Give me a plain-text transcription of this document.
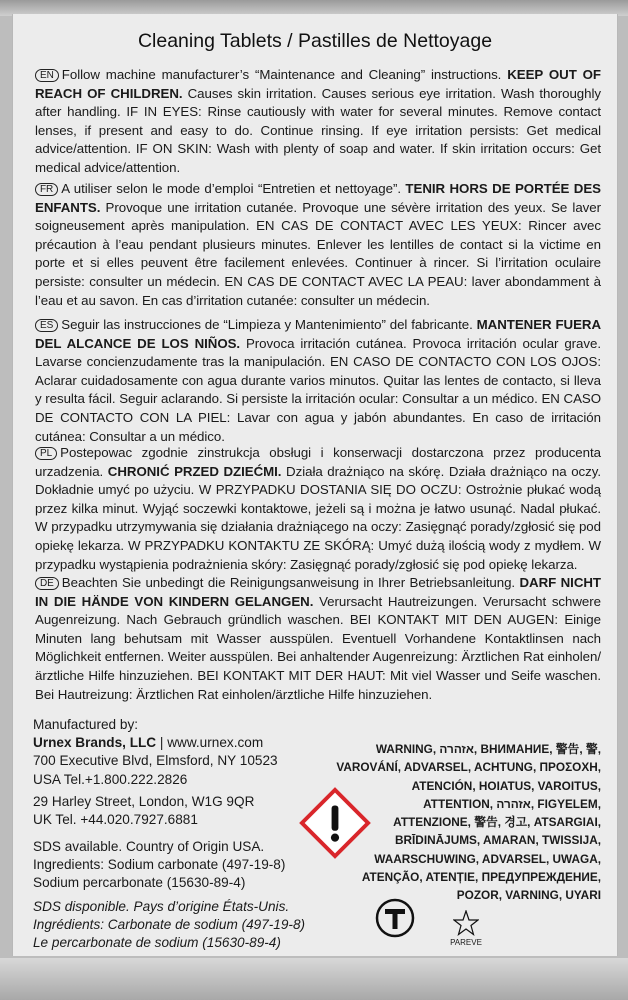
Cleaning Tablets / Pastilles de Nettoyage
EN Follow machine manufacturer’s “Maintenance and Cleaning” instructions. KEEP OUT OF REACH OF CHILDREN. Causes skin irritation. Causes serious eye irritation. Wash thoroughly after handling. IF IN EYES: Rinse cautiously with water for several minutes. Remove contact lenses, if present and easy to do. Continue rinsing. If eye irritation persists: Get medical advice/attention. IF ON SKIN: Wash with plenty of soap and water. If skin irritation occurs: Get medical advice/attention.
FR A utiliser selon le mode d’emploi “Entretien et nettoyage”. TENIR HORS DE PORTÉE DES ENFANTS. Provoque une irritation cutanée. Provoque une sévère irritation des yeux. Se laver soigneusement après manipulation. EN CAS DE CONTACT AVEC LES YEUX: Rincer avec précaution à l’eau pendant plusieurs minutes. Enlever les lentilles de contact si la victime en porte et si elles peuvent être facilement enlevées. Continuer à rincer. Si l’irritation oculaire persiste: consulter un médecin. EN CAS DE CONTACT AVEC LA PEAU: laver abondamment à l’eau et au savon. En cas d’irritation cutanée: consulter un médecin.
ES Seguir las instrucciones de “Limpieza y Mantenimiento” del fabricante. MANTENER FUERA DEL ALCANCE DE LOS NIÑOS. Provoca irritación cutánea. Provoca irritación ocular grave. Lavarse concienzudamente tras la manipulación. EN CASO DE CONTACTO CON LOS OJOS: Aclarar cuidadosamente con agua durante varios minutos. Quitar las lentes de contacto, si lleva y resulta fácil. Seguir aclarando. Si persiste la irritación ocular: Consultar a un médico. EN CASO DE CONTACTO CON LA PIEL: Lavar con agua y jabón abundantes. En caso de irritación cutánea: Consultar a un médico.
PL Postepowac zgodnie zinstrukcja obsługi i konserwacji dostarczona przez producenta urzadzenia. CHRONIĆ PRZED DZIEĆMI. Działa drażniąco na skórę. Działa drażniąco na oczy. Dokładnie umyć po użyciu. W PRZYPADKU DOSTANIA SIĘ DO OCZU: Ostrożnie płukać wodą przez kilka minut. Wyjąć soczewki kontaktowe, jeżeli są i można je łatwo usunąć. Nadal płukać. W przypadku utrzymywania się działania drażniącego na oczy: Zasięgnąć porady/zgłosić się pod opiekę lekarza. W PRZYPADKU KONTAKTU ZE SKÓRĄ: Umyć dużą ilością wody z mydłem. W przypadku wystąpienia podrażnienia skóry: Zasięgnąć porady/zgłosić się pod opiekę lekarza.
DE Beachten Sie unbedingt die Reinigungsanweisung in Ihrer Betriebsanleitung. DARF NICHT IN DIE HÄNDE VON KINDERN GELANGEN. Verursacht Hautreizungen. Verursacht schwere Augenreizung. Nach Gebrauch gründlich waschen. BEI KONTAKT MIT DEN AUGEN: Einige Minuten lang behutsam mit Wasser ausspülen. Eventuell Vorhandene Kontaktlinsen nach Möglichkeit entfernen. Weiter ausspülen. Bei anhaltender Augenreizung: Ärztlichen Rat einholen/ärztliche Hilfe hinzuziehen. BEI KONTAKT MIT DER HAUT: Mit viel Wasser und Seife waschen. Bei Hautreizung: Ärztlichen Rat einholen/ärztliche Hilfe hinzuziehen.
Manufactured by:
Urnex Brands, LLC | www.urnex.com
700 Executive Blvd, Elmsford, NY 10523
USA Tel.+1.800.222.2826
29 Harley Street, London, W1G 9QR
UK Tel. +44.020.7927.6881
SDS available. Country of Origin USA.
Ingredients: Sodium carbonate (497-19-8)
Sodium percarbonate (15630-89-4)
SDS disponible. Pays d’origine États-Unis.
Ingrédients: Carbonate de sodium (497-19-8)
Le percarbonate de sodium (15630-89-4)
WARNING, אזהרה, ВНИМАНИЕ, 警告, 警,
VAROVÁNÍ, ADVARSEL, ACHTUNG, ΠΡΟΣΟΧΗ,
ATENCIÓN, HOIATUS, VAROITUS,
ATTENTION, אזהרה, FIGYELEM,
ATTENZIONE, 警告, 경고, ATSARGIAI,
BRĪDINĀJUMS, AMARAN, TWISSIJA,
WAARSCHUWING, ADVARSEL, UWAGA,
ATENÇÃO, ATENȚIE, ПРЕДУПРЕЖДЕНИЕ,
POZOR, VARNING, UYARI
PAREVE
